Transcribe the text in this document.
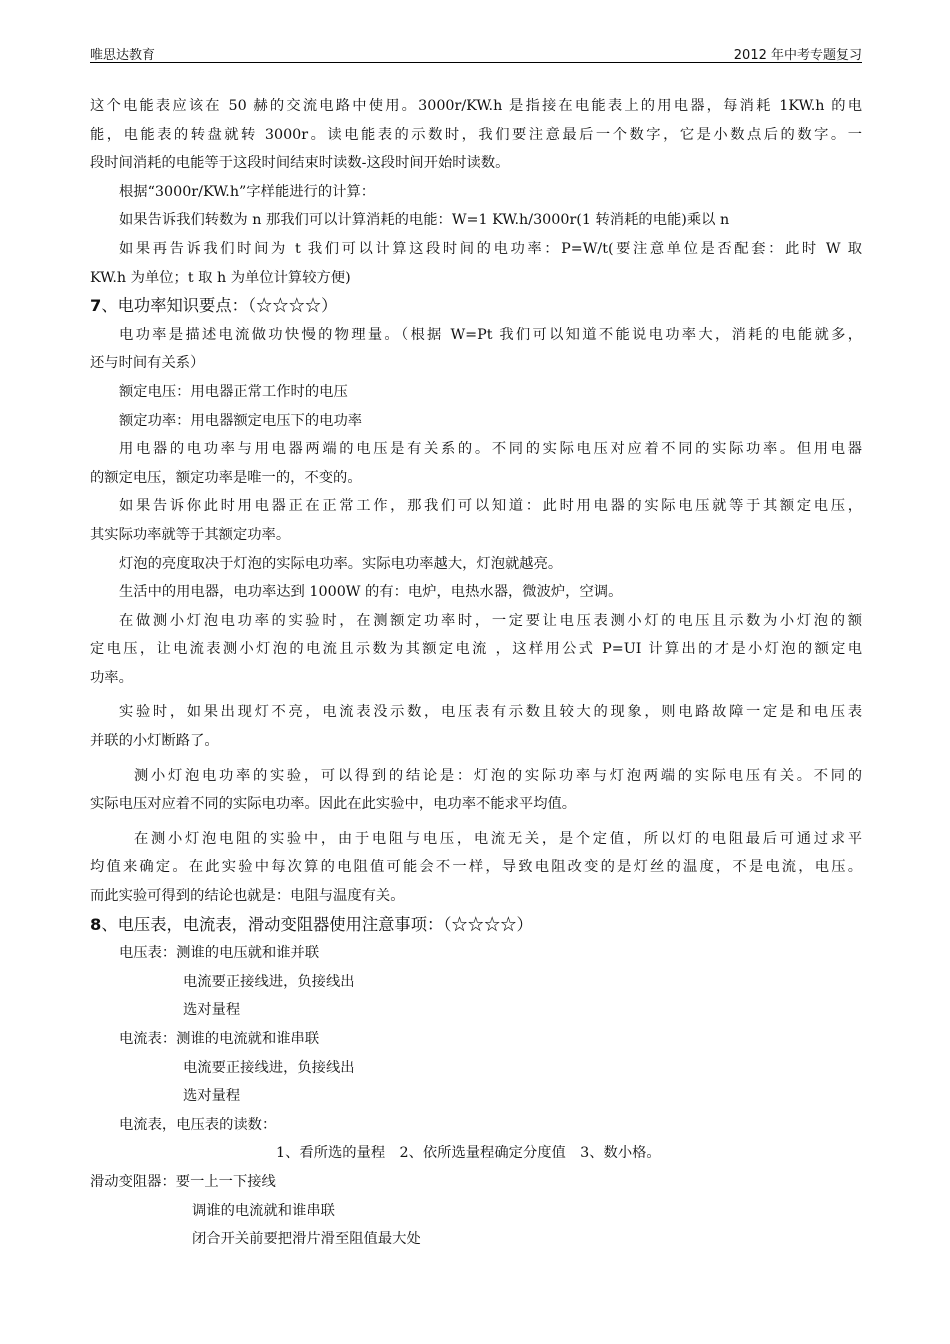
唯思达教育	2012 年中考专题复习
这个电能表应该在 50 赫的交流电路中使用。3000r/KW.h 是指接在电能表上的用电器，每消耗 1KW.h 的电
能，电能表的转盘就转 3000r。读电能表的示数时，我们要注意最后一个数字，它是小数点后的数字。一
段时间消耗的电能等于这段时间结束时读数-这段时间开始时读数。
根据“3000r/KW.h”字样能进行的计算：
如果告诉我们转数为 n 那我们可以计算消耗的电能：W=1 KW.h/3000r(1 转消耗的电能)乘以 n
如果再告诉我们时间为 t 我们可以计算这段时间的电功率：P=W/t(要注意单位是否配套：此时 W 取
KW.h 为单位；t 取 h 为单位计算较方便)
7、电功率知识要点：（☆☆☆☆）
电功率是描述电流做功快慢的物理量。（根据 W=Pt 我们可以知道不能说电功率大，消耗的电能就多，
还与时间有关系）
额定电压：用电器正常工作时的电压
额定功率：用电器额定电压下的电功率
用电器的电功率与用电器两端的电压是有关系的。不同的实际电压对应着不同的实际功率。但用电器
的额定电压，额定功率是唯一的，不变的。
如果告诉你此时用电器正在正常工作，那我们可以知道：此时用电器的实际电压就等于其额定电压，
其实际功率就等于其额定功率。
灯泡的亮度取决于灯泡的实际电功率。实际电功率越大，灯泡就越亮。
生活中的用电器，电功率达到 1000W 的有：电炉，电热水器，微波炉，空调。
在做测小灯泡电功率的实验时，在测额定功率时，一定要让电压表测小灯的电压且示数为小灯泡的额
定电压，让电流表测小灯泡的电流且示数为其额定电流 ，这样用公式 P=UI 计算出的才是小灯泡的额定电
功率。
实验时，如果出现灯不亮，电流表没示数，电压表有示数且较大的现象，则电路故障一定是和电压表
并联的小灯断路了。
测小灯泡电功率的实验，可以得到的结论是：灯泡的实际功率与灯泡两端的实际电压有关。不同的
实际电压对应着不同的实际电功率。因此在此实验中，电功率不能求平均值。
在测小灯泡电阻的实验中，由于电阻与电压，电流无关，是个定值，所以灯的电阻最后可通过求平
均值来确定。在此实验中每次算的电阻值可能会不一样，导致电阻改变的是灯丝的温度，不是电流，电压。
而此实验可得到的结论也就是：电阻与温度有关。
8、电压表，电流表，滑动变阻器使用注意事项：（☆☆☆☆）
电压表：测谁的电压就和谁并联
电流要正接线进，负接线出
选对量程
电流表：测谁的电流就和谁串联
电流要正接线进，负接线出
选对量程
电流表，电压表的读数：
1、看所选的量程　2、依所选量程确定分度值　3、数小格。
滑动变阻器：要一上一下接线
调谁的电流就和谁串联
闭合开关前要把滑片滑至阻值最大处
